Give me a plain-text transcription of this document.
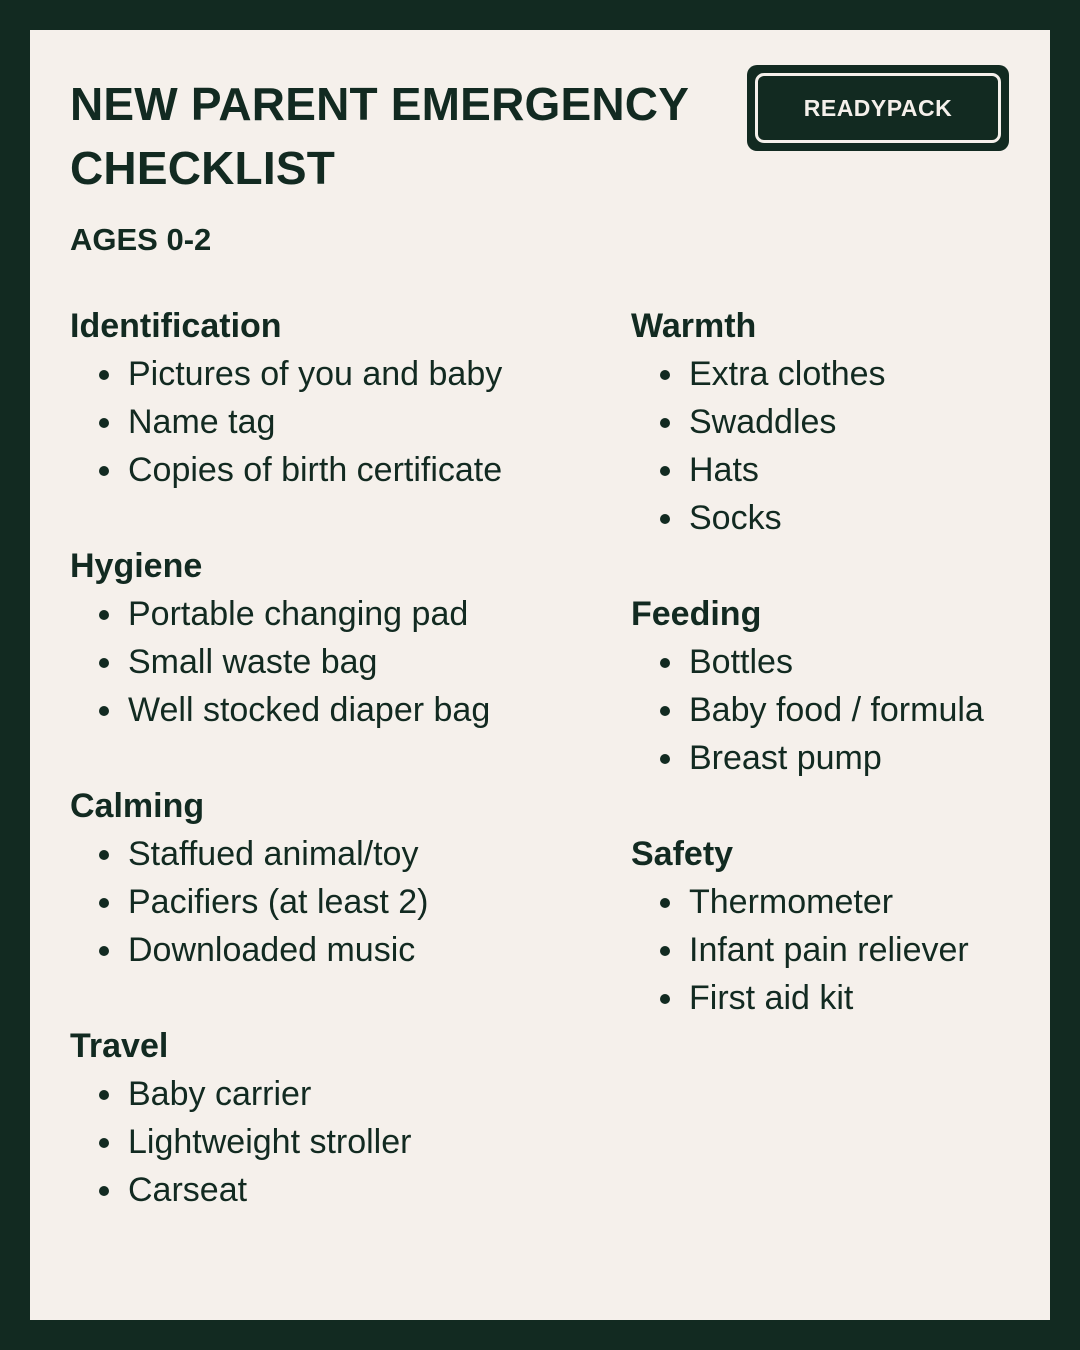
NEW PARENT EMERGENCY CHECKLIST
READYPACK
AGES 0-2
Identification
Pictures of you and baby
Name tag
Copies of birth certificate
Hygiene
Portable changing pad
Small waste bag
Well stocked diaper bag
Calming
Staffued animal/toy
Pacifiers (at least 2)
Downloaded music
Travel
Baby carrier
Lightweight stroller
Carseat
Warmth
Extra clothes
Swaddles
Hats
Socks
Feeding
Bottles
Baby food / formula
Breast pump
Safety
Thermometer
Infant pain reliever
First aid kit
